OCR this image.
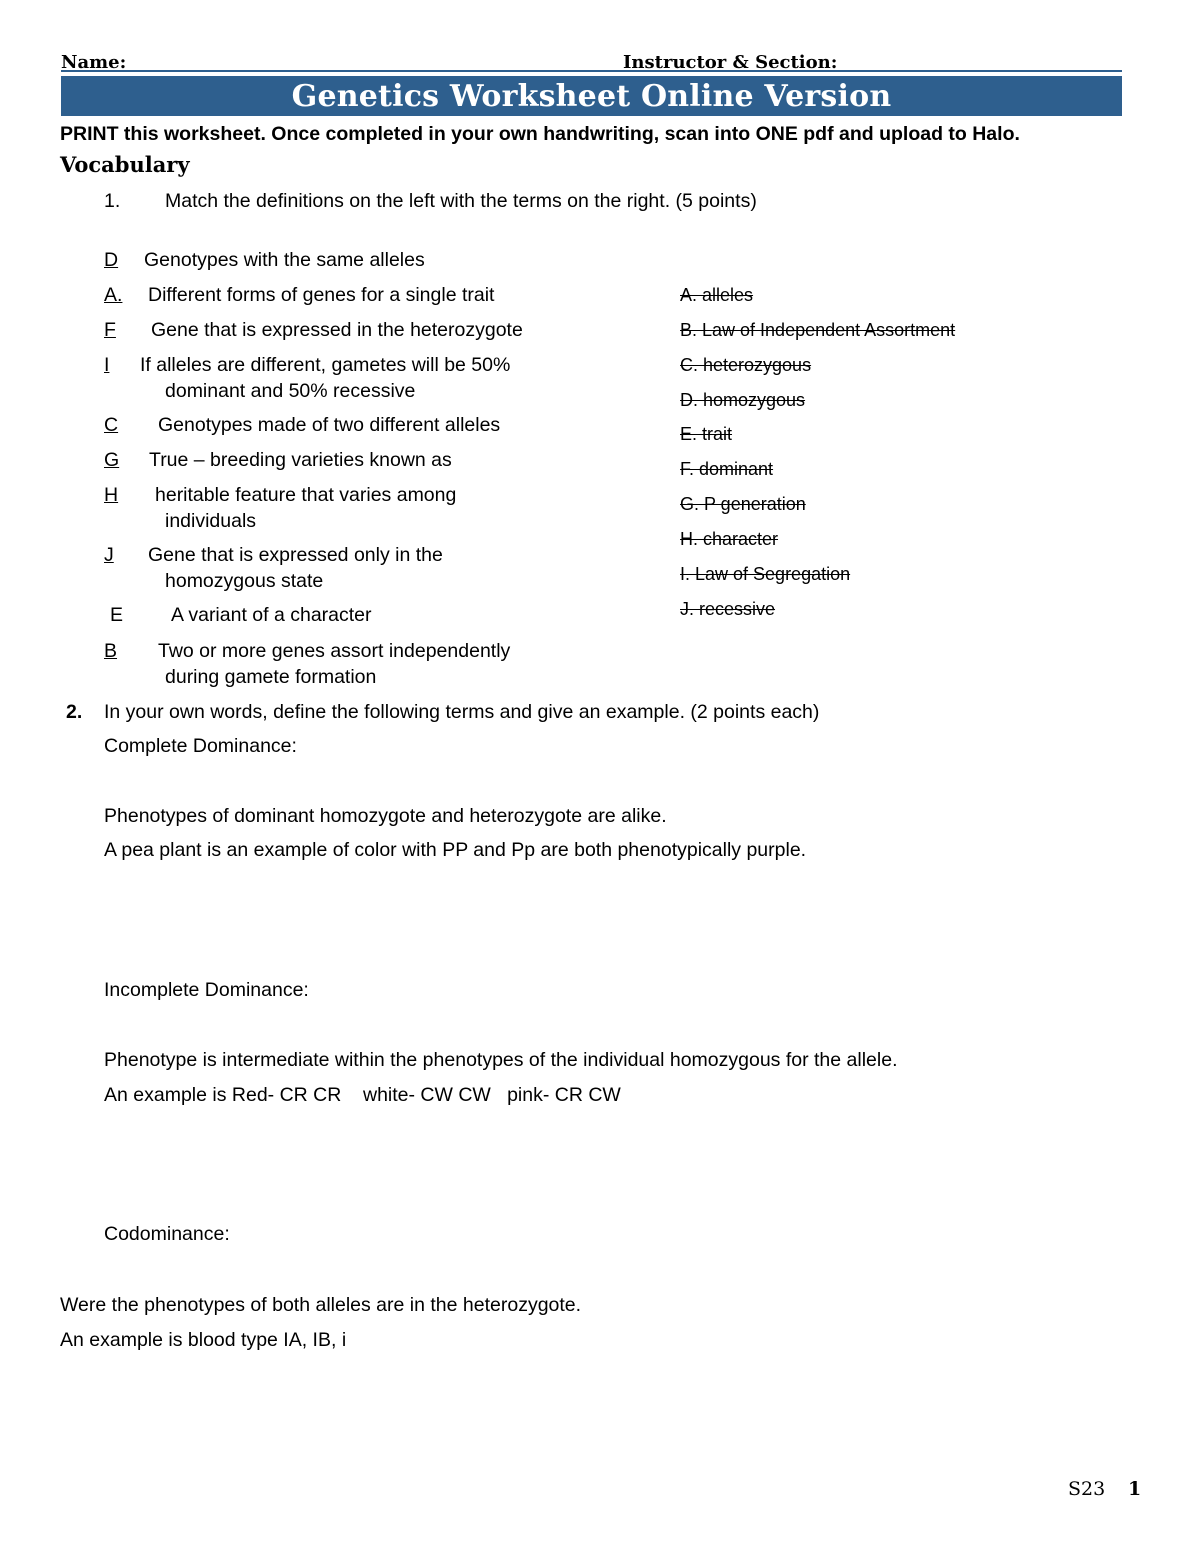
Name:	Instructor & Section:
Genetics Worksheet Online Version
PRINT this worksheet. Once completed in your own handwriting, scan into ONE pdf and upload to Halo.
Vocabulary
1. Match the definitions on the left with the terms on the right. (5 points)
D Genotypes with the same alleles
A. Different forms of genes for a single trait
F Gene that is expressed in the heterozygote
I If alleles are different, gametes will be 50%
dominant and 50% recessive
C Genotypes made of two different alleles
G True – breeding varieties known as
H heritable feature that varies among
individuals
J Gene that is expressed only in the
homozygous state
E A variant of a character
B Two or more genes assort independently
during gamete formation
A. alleles
B. Law of Independent Assortment
C. heterozygous
D. homozygous
E. trait
F. dominant
G. P generation
H. character
I. Law of Segregation
J. recessive
2. In your own words, define the following terms and give an example. (2 points each)
Complete Dominance:
Phenotypes of dominant homozygote and heterozygote are alike.
A pea plant is an example of color with PP and Pp are both phenotypically purple.
Incomplete Dominance:
Phenotype is intermediate within the phenotypes of the individual homozygous for the allele.
An example is Red- CR CR    white- CW CW   pink- CR CW
Codominance:
Were the phenotypes of both alleles are in the heterozygote.
An example is blood type IA, IB, i
S23 1
